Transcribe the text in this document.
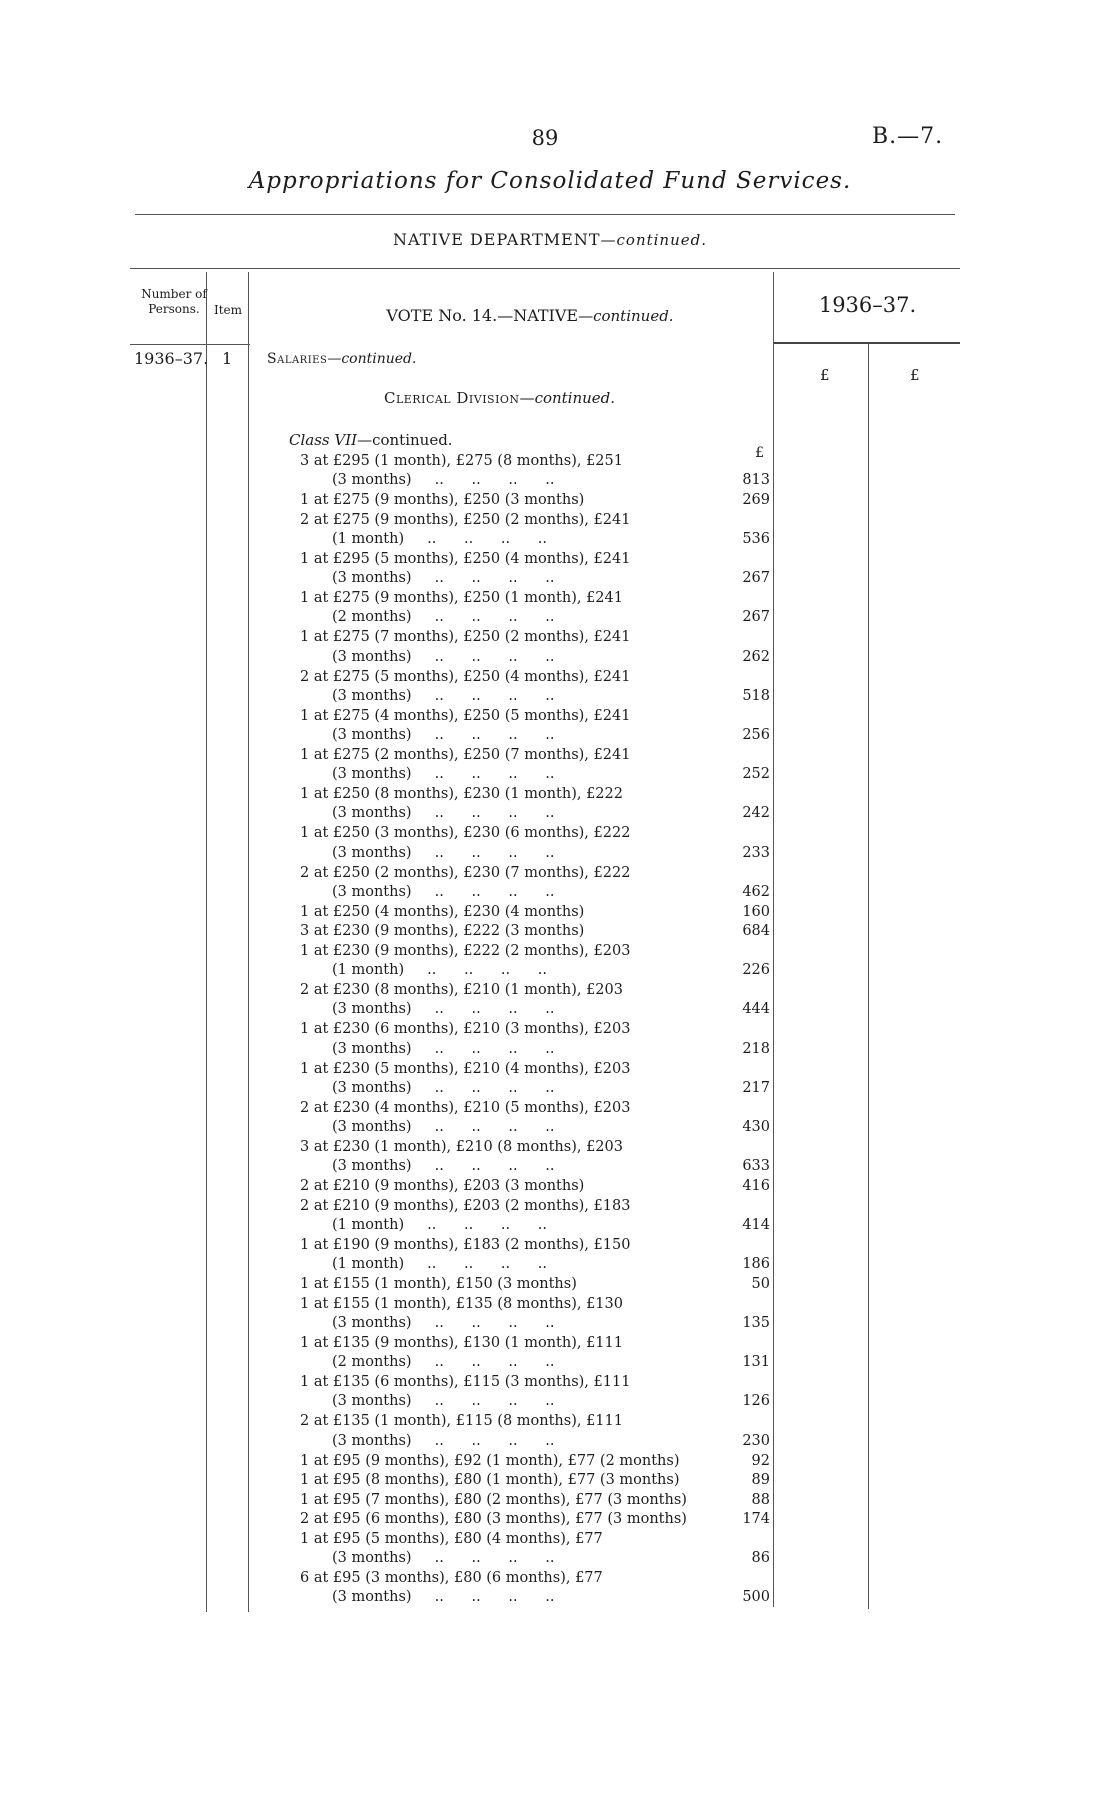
89	B.—7.
Appropriations for Consolidated Fund Services.
NATIVE DEPARTMENT—continued.
Number of Persons.	Item	VOTE No. 14.—NATIVE—continued.	1936–37.
1936–37. 1 Salaries—continued.
£	£
Clerical Division—continued.
Class VII—continued.
£
3 at £295 (1 month), £275 (8 months), £251
(3 months)     ..      ..      ..      ..	813
1 at £275 (9 months), £250 (3 months)	269
2 at £275 (9 months), £250 (2 months), £241
(1 month)     ..      ..      ..      ..	536
1 at £295 (5 months), £250 (4 months), £241
(3 months)     ..      ..      ..      ..	267
1 at £275 (9 months), £250 (1 month), £241
(2 months)     ..      ..      ..      ..	267
1 at £275 (7 months), £250 (2 months), £241
(3 months)     ..      ..      ..      ..	262
2 at £275 (5 months), £250 (4 months), £241
(3 months)     ..      ..      ..      ..	518
1 at £275 (4 months), £250 (5 months), £241
(3 months)     ..      ..      ..      ..	256
1 at £275 (2 months), £250 (7 months), £241
(3 months)     ..      ..      ..      ..	252
1 at £250 (8 months), £230 (1 month), £222
(3 months)     ..      ..      ..      ..	242
1 at £250 (3 months), £230 (6 months), £222
(3 months)     ..      ..      ..      ..	233
2 at £250 (2 months), £230 (7 months), £222
(3 months)     ..      ..      ..      ..	462
1 at £250 (4 months), £230 (4 months)	160
3 at £230 (9 months), £222 (3 months)	684
1 at £230 (9 months), £222 (2 months), £203
(1 month)     ..      ..      ..      ..	226
2 at £230 (8 months), £210 (1 month), £203
(3 months)     ..      ..      ..      ..	444
1 at £230 (6 months), £210 (3 months), £203
(3 months)     ..      ..      ..      ..	218
1 at £230 (5 months), £210 (4 months), £203
(3 months)     ..      ..      ..      ..	217
2 at £230 (4 months), £210 (5 months), £203
(3 months)     ..      ..      ..      ..	430
3 at £230 (1 month), £210 (8 months), £203
(3 months)     ..      ..      ..      ..	633
2 at £210 (9 months), £203 (3 months)	416
2 at £210 (9 months), £203 (2 months), £183
(1 month)     ..      ..      ..      ..	414
1 at £190 (9 months), £183 (2 months), £150
(1 month)     ..      ..      ..      ..	186
1 at £155 (1 month), £150 (3 months)	50
1 at £155 (1 month), £135 (8 months), £130
(3 months)     ..      ..      ..      ..	135
1 at £135 (9 months), £130 (1 month), £111
(2 months)     ..      ..      ..      ..	131
1 at £135 (6 months), £115 (3 months), £111
(3 months)     ..      ..      ..      ..	126
2 at £135 (1 month), £115 (8 months), £111
(3 months)     ..      ..      ..      ..	230
1 at £95 (9 months), £92 (1 month), £77 (2 months)	92
1 at £95 (8 months), £80 (1 month), £77 (3 months)	89
1 at £95 (7 months), £80 (2 months), £77 (3 months)	88
2 at £95 (6 months), £80 (3 months), £77 (3 months)	174
1 at £95 (5 months), £80 (4 months), £77
(3 months)     ..      ..      ..      ..	86
6 at £95 (3 months), £80 (6 months), £77
(3 months)     ..      ..      ..      ..	500
